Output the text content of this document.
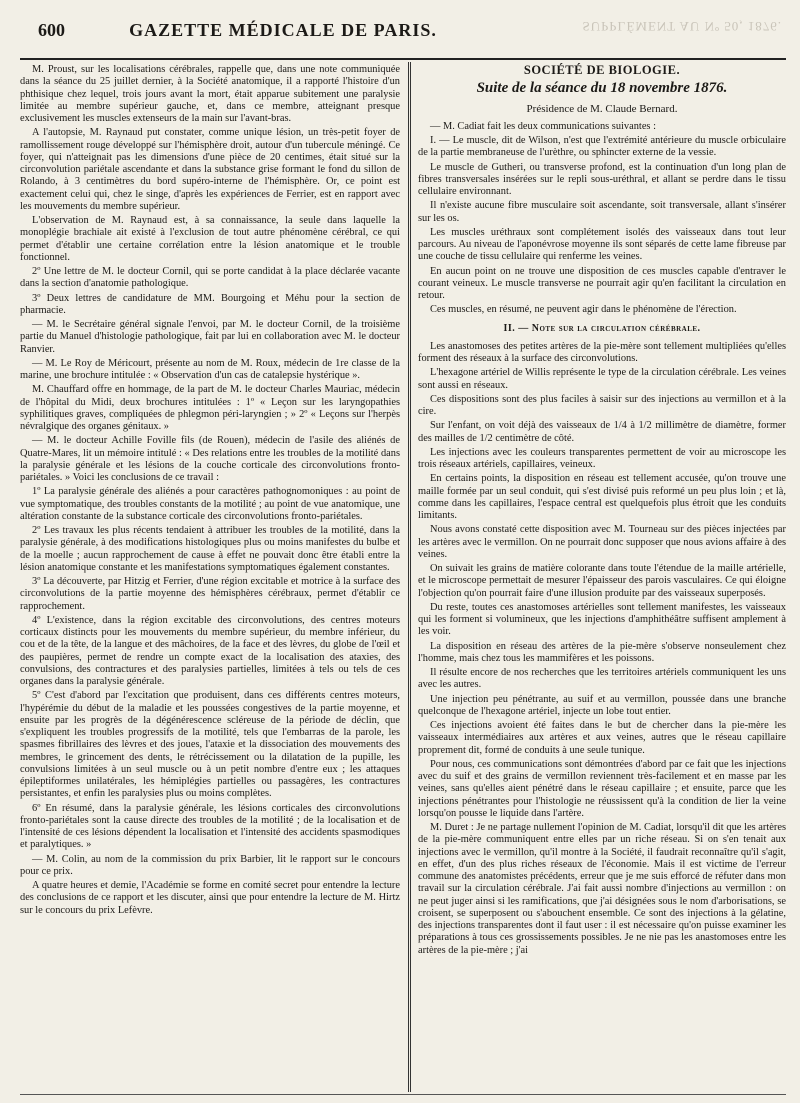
600	GAZETTE MÉDICALE DE PARIS.	SUPPLÉMENT AU Nº 50, 1876.

M. Proust, sur les localisations cérébrales, rappelle que, dans une note communiquée dans la séance du 25 juillet dernier, à la Société anatomique, il a rapporté l'histoire d'un phthisique chez lequel, trois jours avant la mort, était apparue subitement une paralysie limitée au membre supérieur gauche, et, dans ce membre, atteignant presque exclusivement les muscles extenseurs de la main sur l'avant-bras.

A l'autopsie, M. Raynaud put constater, comme unique lésion, un très-petit foyer de ramollissement rouge développé sur l'hémisphère droit, autour d'un tubercule méningé. Ce foyer, qui n'atteignait pas les dimensions d'une pièce de 20 centimes, était situé sur la circonvolution pariétale ascendante et dans la substance grise formant le fond du sillon de Rolando, à 3 centimètres du bord supéro-interne de l'hémisphère. Or, ce point est exactement celui qui, chez le singe, d'après les expériences de Ferrier, est en rapport avec les mouvements du membre supérieur.

L'observation de M. Raynaud est, à sa connaissance, la seule dans laquelle la monoplégie brachiale ait existé à l'exclusion de tout autre phénomène cérébral, ce qui permet d'établir une certaine corrélation entre la lésion anatomique et le trouble fonctionnel.

2º Une lettre de M. le docteur Cornil, qui se porte candidat à la place déclarée vacante dans la section d'anatomie pathologique.

3º Deux lettres de candidature de MM. Bourgoing et Méhu pour la section de pharmacie.

— M. le Secrétaire général signale l'envoi, par M. le docteur Cornil, de la troisième partie du Manuel d'histologie pathologique, fait par lui en collaboration avec M. le docteur Ranvier.

— M. Le Roy de Méricourt, présente au nom de M. Roux, médecin de 1re classe de la marine, une brochure intitulée : « Observation d'un cas de catalepsie hystérique ».

M. Chauffard offre en hommage, de la part de M. le docteur Charles Mauriac, médecin de l'hôpital du Midi, deux brochures intitulées : 1º « Leçon sur les laryngopathies syphilitiques graves, compliquées de phlegmon péri-laryngien ; » 2º « Leçons sur l'herpès névralgique des organes génitaux. »

— M. le docteur Achille Foville fils (de Rouen), médecin de l'asile des aliénés de Quatre-Mares, lit un mémoire intitulé : « Des relations entre les troubles de la motilité dans la paralysie générale et les lésions de la couche corticale des circonvolutions fronto-pariétales. » Voici les conclusions de ce travail :

1º La paralysie générale des aliénés a pour caractères pathognomoniques : au point de vue symptomatique, des troubles constants de la motilité ; au point de vue anatomique, une altération constante de la substance corticale des circonvolutions fronto-pariétales.

2º Les travaux les plus récents tendaient à attribuer les troubles de la motilité, dans la paralysie générale, à des modifications histologiques plus ou moins manifestes du bulbe et de la moelle ; aucun rapprochement de cause à effet ne pouvait donc être établi entre la lésion anatomique constante et les manifestations symptomatiques également constantes.

3º La découverte, par Hitzig et Ferrier, d'une région excitable et motrice à la surface des circonvolutions de la partie moyenne des hémisphères cérébraux, permet d'établir ce rapprochement.

4º L'existence, dans la région excitable des circonvolutions, des centres moteurs corticaux distincts pour les mouvements du membre supérieur, du membre inférieur, du cou et de la tête, de la langue et des mâchoires, de la face et des lèvres, du globe de l'œil et des paupières, permet de rendre un compte exact de la localisation des ataxies, des convulsions, des contractures et des paralysies partielles, limitées à tels ou tels de ces organes dans la paralysie générale.

5º C'est d'abord par l'excitation que produisent, dans ces différents centres moteurs, l'hypérémie du début de la maladie et les poussées congestives de la partie moyenne, et ensuite par les progrès de la dégénérescence scléreuse de la période de déclin, que s'expliquent les troubles progressifs de la motilité, tels que l'embarras de la parole, les spasmes fibrillaires des lèvres et des joues, l'ataxie et la dissociation des mouvements des membres, le grincement des dents, le rétrécissement ou la dilatation de la pupille, les convulsions limitées à un seul muscle ou à un petit nombre d'entre eux ; les attaques épileptiformes unilatérales, les hémiplégies partielles ou passagères, les contractures persistantes, et enfin les paralysies plus ou moins complètes.

6º En résumé, dans la paralysie générale, les lésions corticales des circonvolutions fronto-pariétales sont la cause directe des troubles de la motilité ; de la localisation et de l'intensité de ces lésions dépendent la localisation et l'intensité des accidents spasmodiques et paralytiques. »

— M. Colin, au nom de la commission du prix Barbier, lit le rapport sur le concours pour ce prix.

A quatre heures et demie, l'Académie se forme en comité secret pour entendre la lecture des conclusions de ce rapport et les discuter, ainsi que pour entendre la lecture de M. Hirtz sur le concours du prix Lefèvre.

SOCIÉTÉ DE BIOLOGIE.
Suite de la séance du 18 novembre 1876.
Présidence de M. Claude Bernard.

— M. Cadiat fait les deux communications suivantes :

I. — Le muscle, dit de Wilson, n'est que l'extrémité antérieure du muscle orbiculaire de la partie membraneuse de l'urèthre, ou sphincter externe de la vessie.

Le muscle de Gutheri, ou transverse profond, est la continuation d'un long plan de fibres transversales insérées sur le repli sous-uréthral, et allant se perdre dans le tissu cellulaire environnant.

Il n'existe aucune fibre musculaire soit ascendante, soit transversale, allant s'insérer sur les os.

Les muscles uréthraux sont complétement isolés des vaisseaux dans tout leur parcours. Au niveau de l'aponévrose moyenne ils sont séparés de cette lame fibreuse par une couche de tissu cellulaire qui renferme les veines.

En aucun point on ne trouve une disposition de ces muscles capable d'entraver le courant veineux. Le muscle transverse ne pourrait agir qu'en facilitant la circulation en retour.

Ces muscles, en résumé, ne peuvent agir dans le phénomène de l'érection.

II. — Note sur la circulation cérébrale.

Les anastomoses des petites artères de la pie-mère sont tellement multipliées qu'elles forment des réseaux à la surface des circonvolutions.

L'hexagone artériel de Willis représente le type de la circulation cérébrale. Les veines sont aussi en réseaux.

Ces dispositions sont des plus faciles à saisir sur des injections au vermillon et à la cire.

Sur l'enfant, on voit déjà des vaisseaux de 1/4 à 1/2 millimètre de diamètre, former des mailles de 1/2 centimètre de côté.

Les injections avec les couleurs transparentes permettent de voir au microscope les trois réseaux artériels, capillaires, veineux.

En certains points, la disposition en réseau est tellement accusée, qu'on trouve une maille formée par un seul conduit, qui s'est divisé puis reformé un peu plus loin ; et là, comme dans les capillaires, l'espace central est quelquefois plus étroit que les conduits limitants.

Nous avons constaté cette disposition avec M. Tourneau sur des pièces injectées par les artères avec le vermillon. On ne pourrait donc supposer que nous avions affaire à des veines.

On suivait les grains de matière colorante dans toute l'étendue de la maille artérielle, et le microscope permettait de mesurer l'épaisseur des parois vasculaires. Ce qui éloigne l'objection qu'on pourrait faire d'une illusion produite par des vaisseaux superposés.

Du reste, toutes ces anastomoses artérielles sont tellement manifestes, les vaisseaux qui les forment si volumineux, que les injections d'amphithéâtre suffisent amplement à les voir.

La disposition en réseau des artères de la pie-mère s'observe nonseulement chez l'homme, mais chez tous les mammifères et les poissons.

Il résulte encore de nos recherches que les territoires artériels communiquent les uns avec les autres.

Une injection peu pénétrante, au suif et au vermillon, poussée dans une branche quelconque de l'hexagone artériel, injecte un lobe tout entier.

Ces injections avoient été faites dans le but de chercher dans la pie-mère les vaisseaux intermédiaires aux artères et aux veines, autres que le réseau capillaire proprement dit, formé de conduits à une seule tunique.

Pour nous, ces communications sont démontrées d'abord par ce fait que les injections avec du suif et des grains de vermillon reviennent très-facilement et en masse par les veines, sans qu'elles aient pénétré dans le réseau capillaire ; et ensuite, parce que les injections pénétrantes pour l'histologie ne réussissent qu'à la condition de lier la veine lorsqu'on pousse le liquide dans l'artère.

M. Duret : Je ne partage nullement l'opinion de M. Cadiat, lorsqu'il dit que les artères de la pie-mère communiquent entre elles par un riche réseau. Si on s'en tenait aux injections avec le vermillon, qu'il montre à la Société, il faudrait reconnaître qu'il s'agit, en effet, d'un des plus riches réseaux de l'économie. Mais il est victime de l'erreur commune des anatomistes précédents, erreur que je me suis efforcé de réfuter dans mon travail sur la circulation cérébrale. J'ai fait aussi nombre d'injections au vermillon : on ne peut juger ainsi si les ramifications, que j'ai désignées sous le nom d'arborisations, se croisent, se superposent ou s'abouchent ensemble. Ce sont des injections à la gélatine, des injections transparentes dont il faut user : il est nécessaire qu'on puisse examiner les préparations à tous ces grossissements possibles. Je ne nie pas les anastomoses entre les artères de la pie-mère ; j'ai
